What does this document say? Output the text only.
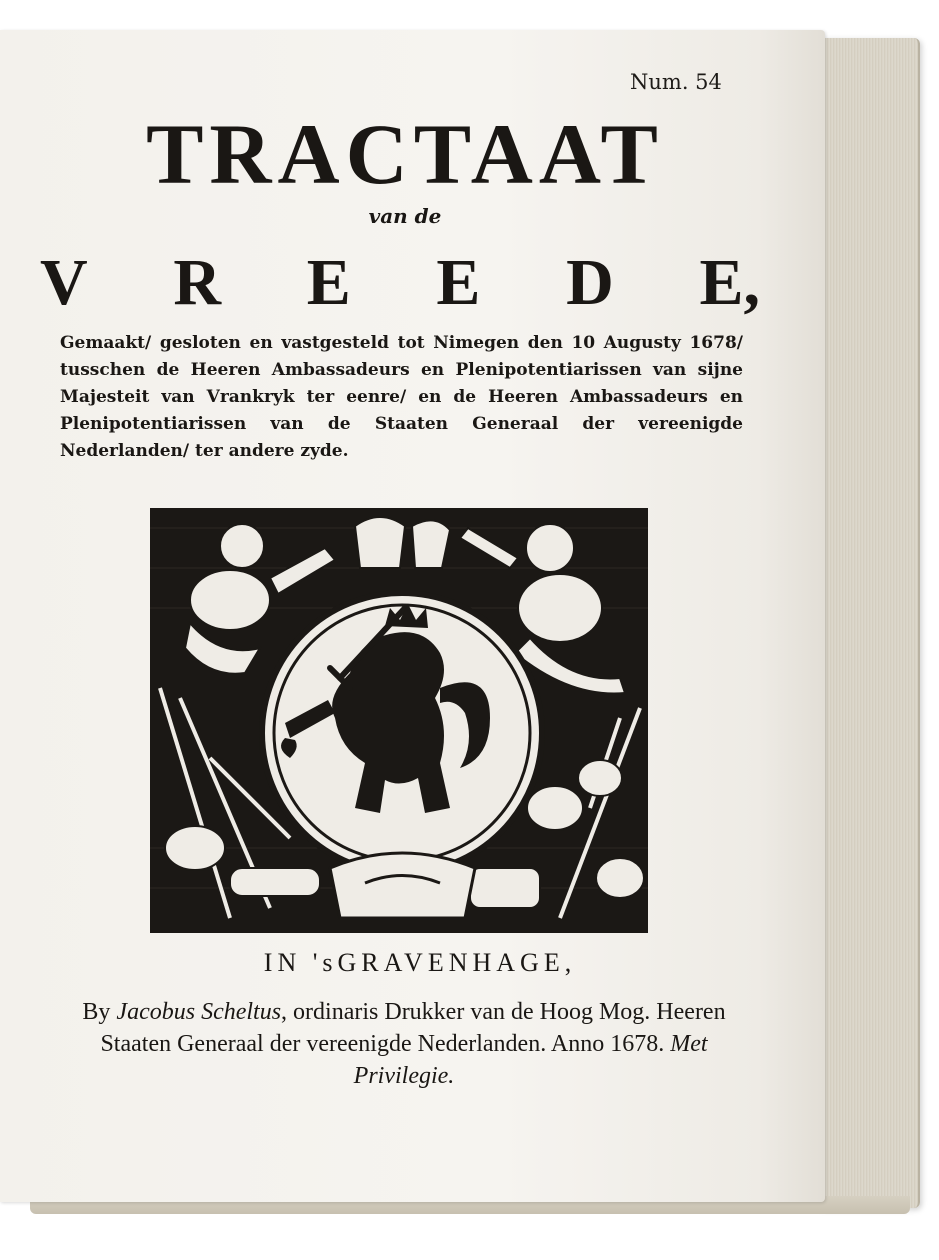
Num. 54
TRACTAAT
van de
V R E E D E,
Gemaakt/ gesloten en vastgesteld tot Nimegen den 10 Augusty 1678/ tusschen de Heeren Ambassadeurs en Plenipotentiarissen van sijne Majesteit van Vrankryk ter eenre/ en de Heeren Ambassadeurs en Plenipotentiarissen van de Staaten Generaal der vereenigde Nederlanden/ ter andere zyde.
IN 'sGRAVENHAGE,
By Jacobus Scheltus, ordinaris Drukker van de Hoog Mog. Heeren Staaten Generaal der vereenigde Nederlanden. Anno 1678. Met Privilegie.
